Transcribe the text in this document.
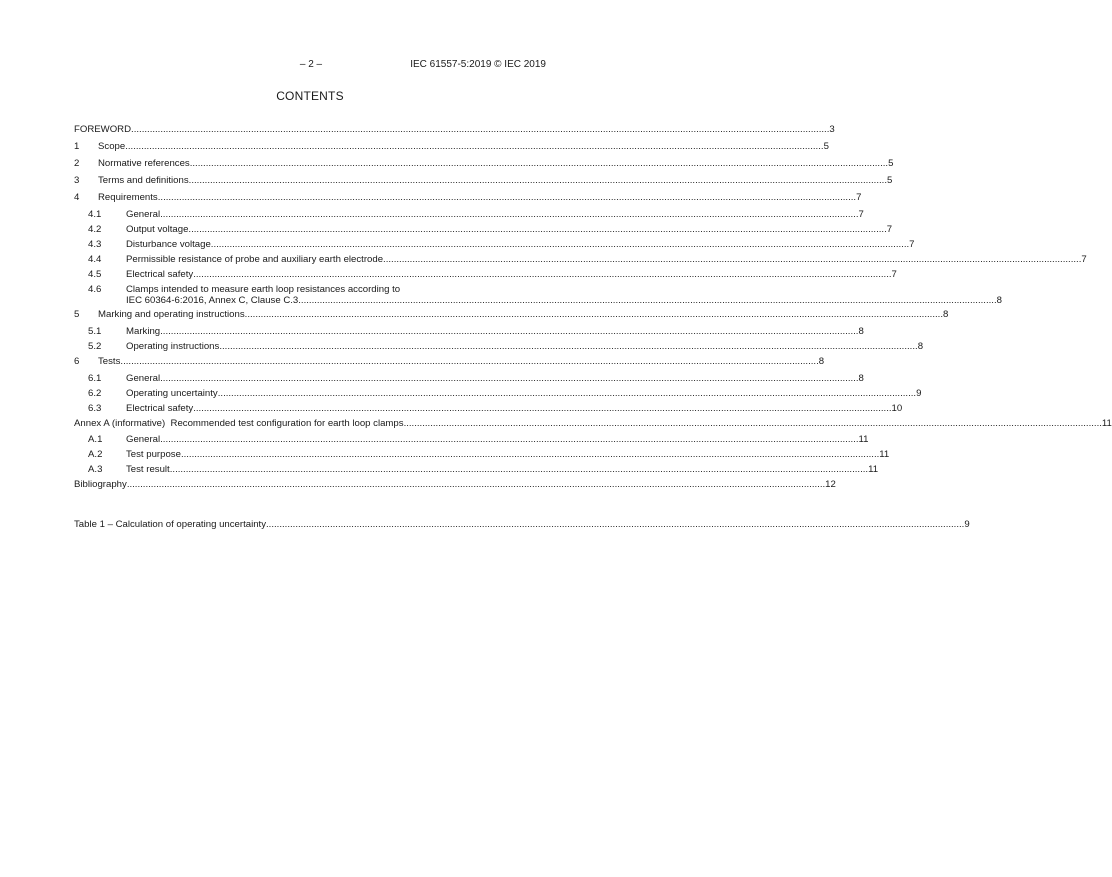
– 2 –	IEC 61557-5:2019 © IEC 2019
CONTENTS
FOREWORD .....	3
1	Scope .....	5
2	Normative references .....	5
3	Terms and definitions .....	5
4	Requirements .....	7
4.1	General .....	7
4.2	Output voltage .....	7
4.3	Disturbance voltage .....	7
4.4	Permissible resistance of probe and auxiliary earth electrode .....	7
4.5	Electrical safety .....	7
4.6	Clamps intended to measure earth loop resistances according to
IEC 60364-6:2016, Annex C, Clause C.3 .....	8
5	Marking and operating instructions .....	8
5.1	Marking .....	8
5.2	Operating instructions .....	8
6	Tests .....	8
6.1	General .....	8
6.2	Operating uncertainty .....	9
6.3	Electrical safety .....	10
Annex A (informative)  Recommended test configuration for earth loop clamps .....	11
A.1	General .....	11
A.2	Test purpose .....	11
A.3	Test result .....	11
Bibliography .....	12
Table 1 – Calculation of operating uncertainty .....	9
